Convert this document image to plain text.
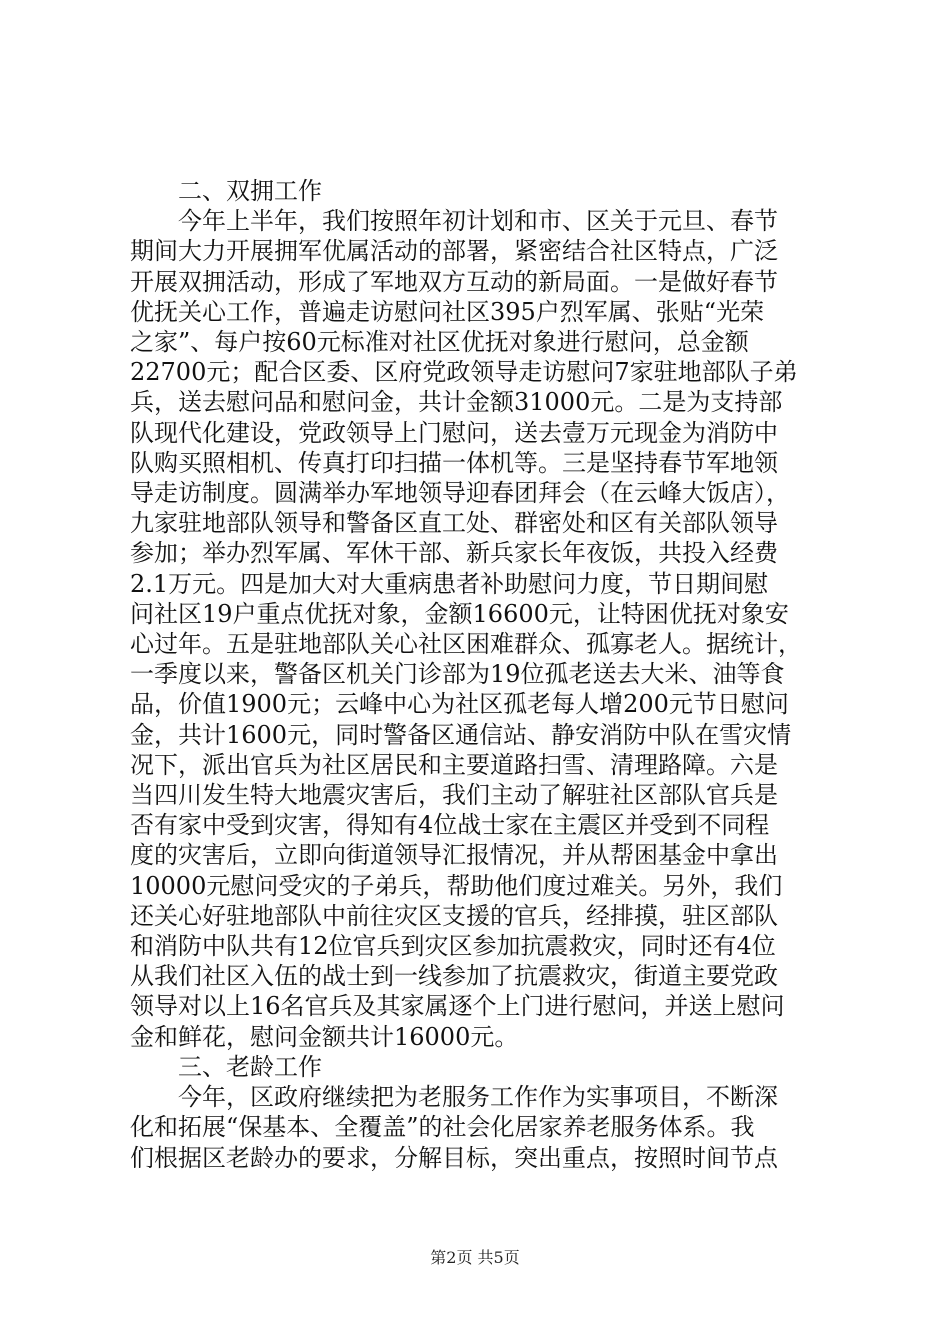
二、双拥工作

今年上半年，我们按照年初计划和市、区关于元旦、春节
期间大力开展拥军优属活动的部署，紧密结合社区特点，广泛
开展双拥活动，形成了军地双方互动的新局面。一是做好春节
优抚关心工作，普遍走访慰问社区395户烈军属、张贴“光荣
之家”、每户按60元标准对社区优抚对象进行慰问，总金额
22700元；配合区委、区府党政领导走访慰问7家驻地部队子弟
兵，送去慰问品和慰问金，共计金额31000元。二是为支持部
队现代化建设，党政领导上门慰问，送去壹万元现金为消防中
队购买照相机、传真打印扫描一体机等。三是坚持春节军地领
导走访制度。圆满举办军地领导迎春团拜会（在云峰大饭店），
九家驻地部队领导和警备区直工处、群密处和区有关部队领导
参加；举办烈军属、军休干部、新兵家长年夜饭，共投入经费
2.1万元。四是加大对大重病患者补助慰问力度，节日期间慰
问社区19户重点优抚对象，金额16600元，让特困优抚对象安
心过年。五是驻地部队关心社区困难群众、孤寡老人。据统计，
一季度以来，警备区机关门诊部为19位孤老送去大米、油等食
品，价值1900元；云峰中心为社区孤老每人增200元节日慰问
金，共计1600元，同时警备区通信站、静安消防中队在雪灾情
况下，派出官兵为社区居民和主要道路扫雪、清理路障。六是
当四川发生特大地震灾害后，我们主动了解驻社区部队官兵是
否有家中受到灾害，得知有4位战士家在主震区并受到不同程
度的灾害后，立即向街道领导汇报情况，并从帮困基金中拿出
10000元慰问受灾的子弟兵，帮助他们度过难关。另外，我们
还关心好驻地部队中前往灾区支援的官兵，经排摸，驻区部队
和消防中队共有12位官兵到灾区参加抗震救灾，同时还有4位
从我们社区入伍的战士到一线参加了抗震救灾，街道主要党政
领导对以上16名官兵及其家属逐个上门进行慰问，并送上慰问
金和鲜花，慰问金额共计16000元。

三、老龄工作

今年，区政府继续把为老服务工作作为实事项目，不断深
化和拓展“保基本、全覆盖”的社会化居家养老服务体系。我
们根据区老龄办的要求，分解目标，突出重点，按照时间节点
第2页 共5页
